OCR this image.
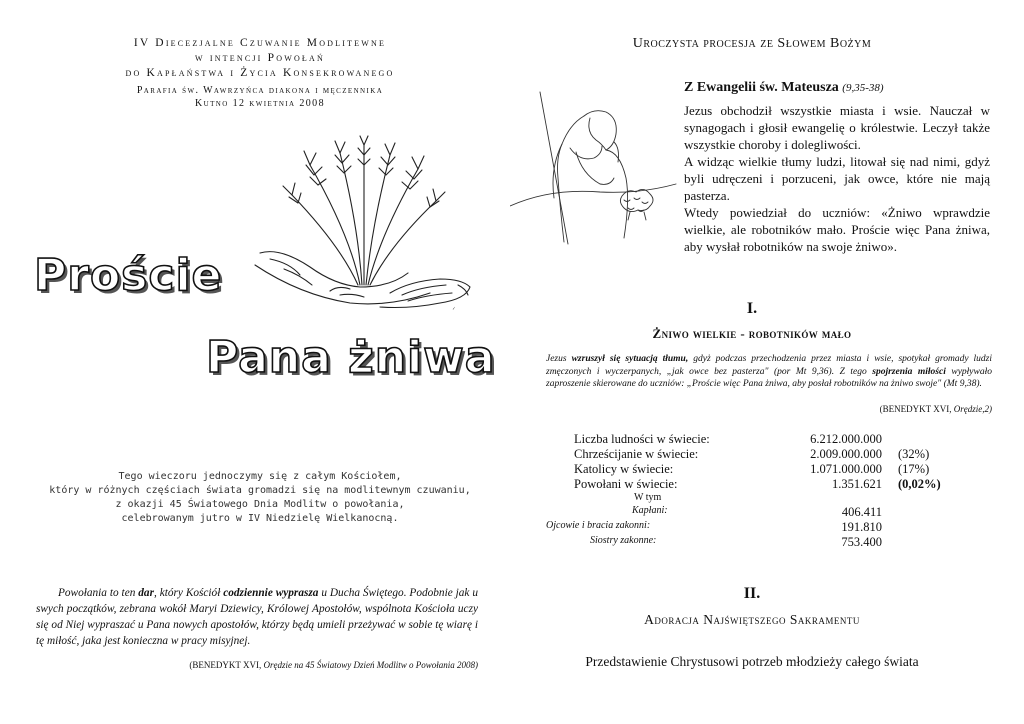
IV Diecezjalne Czuwanie Modlitewne
w intencji Powołań
do Kapłaństwa i Życia Konsekrowanego
Parafia św. Wawrzyńca diakona i męczennika
Kutno 12 kwietnia 2008
~
Proście
Pana żniwa
Tego wieczoru jednoczymy się z całym Kościołem,
który w różnych częściach świata gromadzi się na modlitewnym czuwaniu,
z okazji 45 Światowego Dnia Modlitw o powołania,
celebrowanym jutro w IV Niedzielę Wielkanocną.
Powołania to ten dar, który Kościół codziennie wyprasza u Ducha Świętego. Podobnie jak u swych początków, zebrana wokół Maryi Dziewicy, Królowej Apostołów, wspólnota Kościoła uczy się od Niej wypraszać u Pana nowych apostołów, którzy będą umieli przeżywać w sobie tę wiarę i tę miłość, jaka jest konieczna w pracy misyjnej.
(BENEDYKT XVI, Orędzie na 45 Światowy Dzień Modlitw o Powołania 2008)
Uroczysta procesja ze Słowem Bożym
Z Ewangelii św. Mateusza (9,35-38)

Jezus obchodził wszystkie miasta i wsie. Nauczał w synagogach i głosił ewangelię o królestwie. Leczył także wszystkie choroby i dolegliwości.

A widząc wielkie tłumy ludzi, litował się nad nimi, gdyż byli udręczeni i porzuceni, jak owce, które nie mają pasterza.

Wtedy powiedział do uczniów: «Żniwo wprawdzie wielkie, ale robotników mało. Proście więc Pana żniwa, aby wysłał robotników na swoje żniwo».

I.
Żniwo wielkie - robotników mało
Jezus wzruszył się sytuacją tłumu, gdyż podczas przechodzenia przez miasta i wsie, spotykał gromady ludzi zmęczonych i wyczerpanych, „jak owce bez pasterza" (por Mt 9,36). Z tego spojrzenia miłości wypływało zaproszenie skierowane do uczniów: „Proście więc Pana żniwa, aby posłał robotników na żniwo swoje" (Mt 9,38).
(BENEDYKT XVI, Orędzie,2)
Liczba ludności w świecie:	6.212.000.000
Chrześcijanie w świecie:	2.009.000.000 (32%)
Katolicy w świecie:	1.071.000.000 (17%)
Powołani w świecie:	1.351.621 (0,02%)
W tym
Kapłani:	406.411
Ojcowie i bracia zakonni:	191.810
Siostry zakonne:	753.400
II.
Adoracja Najświętszego Sakramentu
Przedstawienie Chrystusowi potrzeb młodzieży całego świata
